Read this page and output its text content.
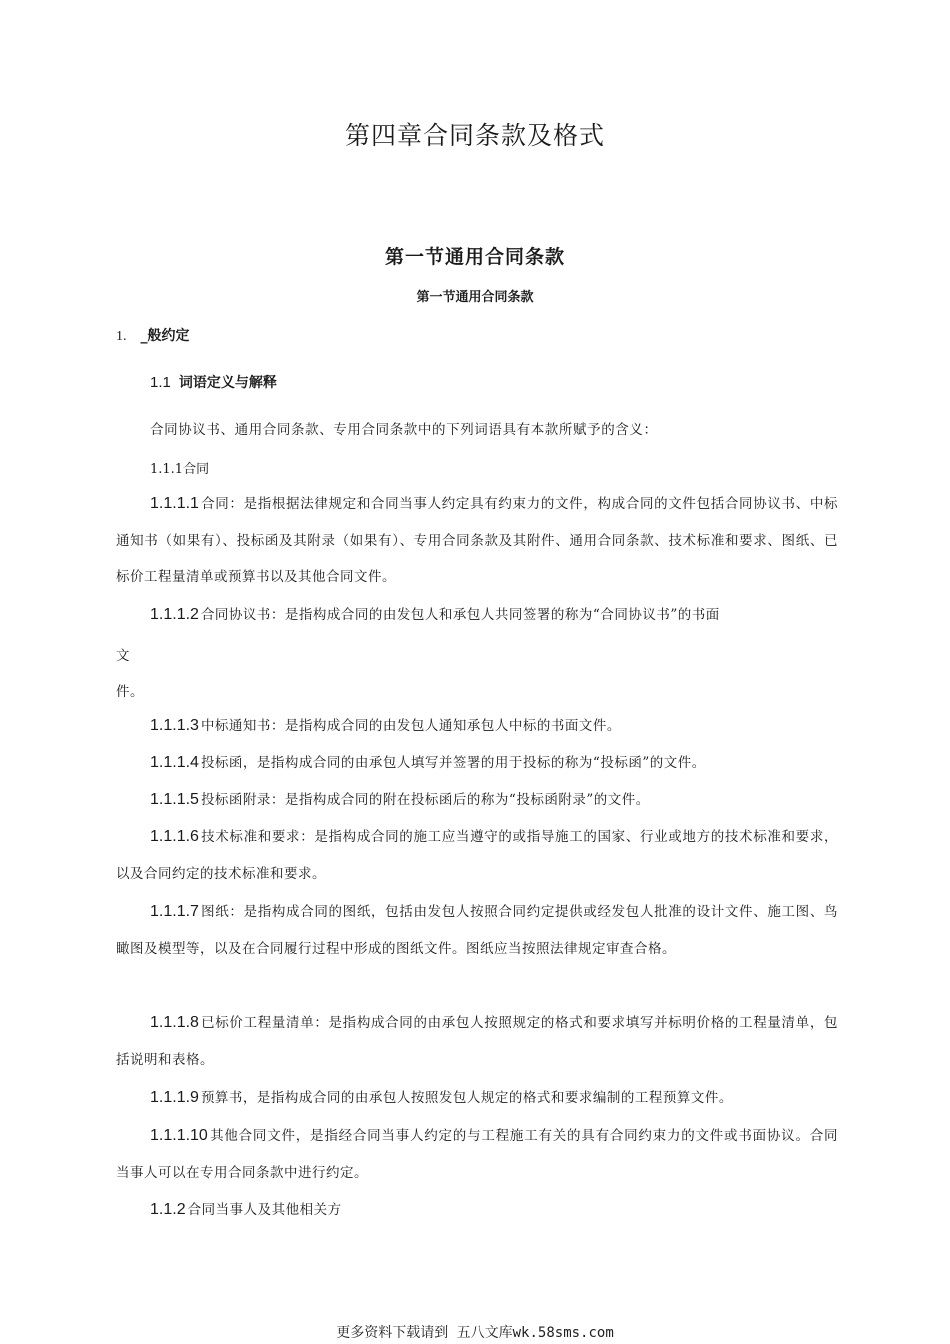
第四章合同条款及格式
第一节通用合同条款
第一节通用合同条款
1. _般约定
1.1 词语定义与解释
合同协议书、通用合同条款、专用合同条款中的下列词语具有本款所赋予的含义：
1.1.1合同
1.1.1.1 合同：是指根据法律规定和合同当事人约定具有约束力的文件，构成合同的文件包括合同协议书、中标通知书（如果有）、投标函及其附录（如果有）、专用合同条款及其附件、通用合同条款、技术标准和要求、图纸、已标价工程量清单或预算书以及其他合同文件。
1.1.1.2 合同协议书：是指构成合同的由发包人和承包人共同签署的称为“合同协议书”的书面
文
件。
1.1.1.3 中标通知书：是指构成合同的由发包人通知承包人中标的书面文件。
1.1.1.4 投标函，是指构成合同的由承包人填写并签署的用于投标的称为“投标函”的文件。
1.1.1.5 投标函附录：是指构成合同的附在投标函后的称为“投标函附录”的文件。
1.1.1.6 技术标准和要求：是指构成合同的施工应当遵守的或指导施工的国家、行业或地方的技术标准和要求，以及合同约定的技术标准和要求。
1.1.1.7 图纸：是指构成合同的图纸，包括由发包人按照合同约定提供或经发包人批准的设计文件、施工图、鸟瞰图及模型等，以及在合同履行过程中形成的图纸文件。图纸应当按照法律规定审查合格。
1.1.1.8 已标价工程量清单：是指构成合同的由承包人按照规定的格式和要求填写并标明价格的工程量清单，包括说明和表格。
1.1.1.9 预算书，是指构成合同的由承包人按照发包人规定的格式和要求编制的工程预算文件。
1.1.1.10 其他合同文件，是指经合同当事人约定的与工程施工有关的具有合同约束力的文件或书面协议。合同当事人可以在专用合同条款中进行约定。
1.1.2 合同当事人及其他相关方
更多资料下载请到 五八文库wk.58sms.com
